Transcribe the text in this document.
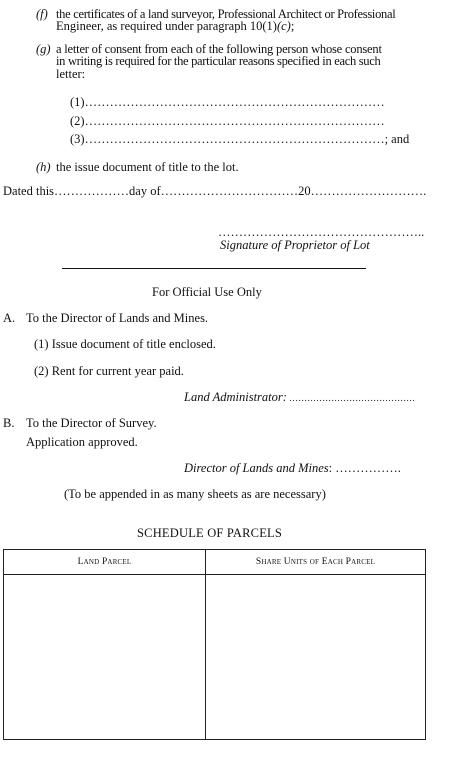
(f) the certificates of a land surveyor, Professional Architect or Professional
Engineer, as required under paragraph 10(1)(c);
(g) a letter of consent from each of the following person whose consent
in writing is required for the particular reasons specified in each such
letter:
(1)………………………………………………………………
(2)………………………………………………………………
(3)………………………………………………………………; and
(h) the issue document of title to the lot.
Dated this………………day of……………………………20……………………….
…………………………………………..
Signature of Proprietor of Lot
For Official Use Only
A. To the Director of Lands and Mines.
(1) Issue document of title enclosed.
(2) Rent for current year paid.
Land Administrator: ……………………………………
B. To the Director of Survey.
Application approved.
Director of Lands and Mines: …………….
(To be appended in as many sheets as are necessary)
SCHEDULE OF PARCELS
Land Parcel	Share Units of Each Parcel
